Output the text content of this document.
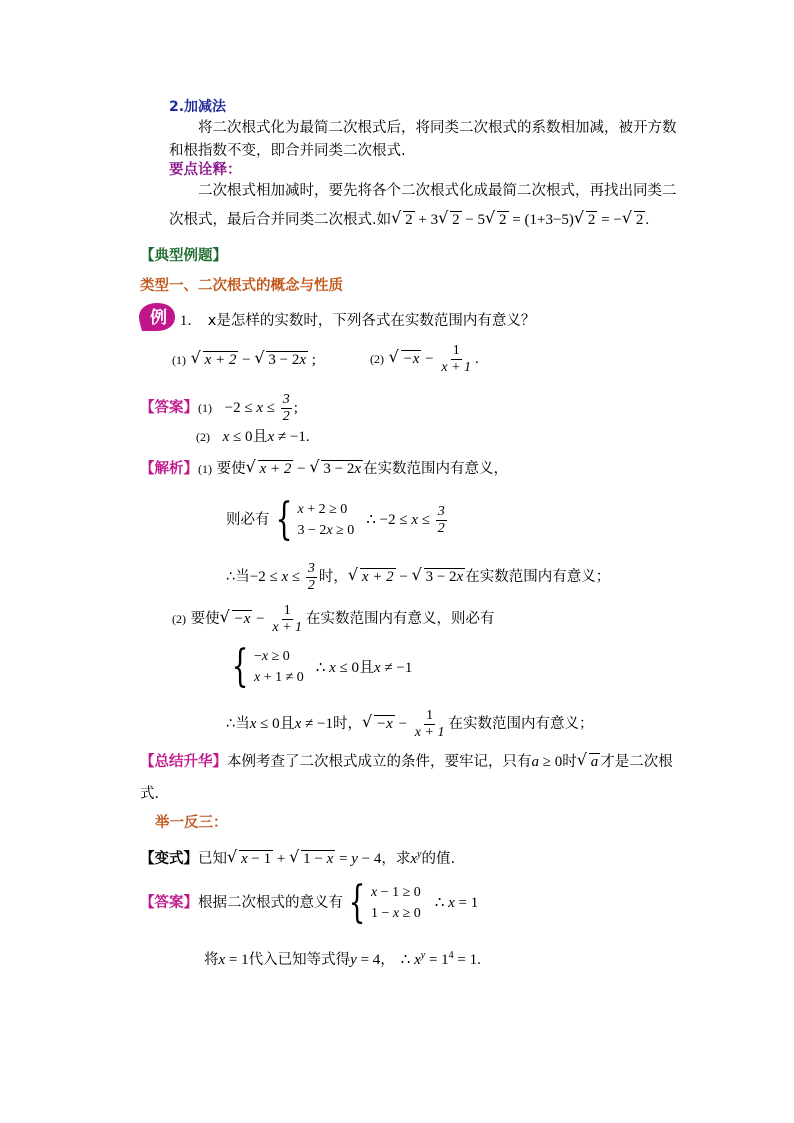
2.加减法
将二次根式化为最简二次根式后，将同类二次根式的系数相加减，被开方数
和根指数不变，即合并同类二次根式.
要点诠释：
二次根式相加减时，要先将各个二次根式化成最简二次根式，再找出同类二
次根式，最后合并同类二次根式.如 √ 2 + 3 √ 2 − 5 √ 2 = (1+3−5) √ 2 = − √ 2 .
【典型例题】
类型一、二次根式的概念与性质
例 1． x是怎样的实数时，下列各式在实数范围内有意义？
(1) √ x + 2 − √ 3 − 2x ;	(2) √ $-x - \frac{1}{x + 1}$ .
【答案】$(1) -2 \le x \le \frac{3}{2}$ ;
(2) x ≤ 0且x ≠ −1.
【解析】(1) 要使 √ x + 2 − √ 3 − 2x 在实数范围内有意义，
则必有 { x + 2 ≥ 0
3 − 2x ≥ 0
∴ $-2 \le x \le \frac{3}{2}$
∴当$-2 \le x \le \frac{3}{2}$ 时， √ x + 2 − √ 3 − 2x 在实数范围内有意义；
(2) 要使 √ $-x - \frac{1}{x + 1}$ 在实数范围内有意义，则必有
{ −x ≥ 0
x + 1 ≠ 0
∴ x ≤ 0且x ≠ −1
∴当x ≤ 0且x ≠ −1时， √ $-x - \frac{1}{x + 1}$ 在实数范围内有意义；
【总结升华】本例考查了二次根式成立的条件，要牢记，只有a ≥ 0时 √ a 才是二次根
式.
举一反三：
【变式】已知 √ x − 1 + √ 1 − x = y − 4，求$x^y$的值.
【答案】 根据二次根式的意义有 { x − 1 ≥ 0
1 − x ≥ 0
∴ x = 1
将x = 1代入已知等式得y = 4， ∴ $x^y = 1^4 = 1$.
